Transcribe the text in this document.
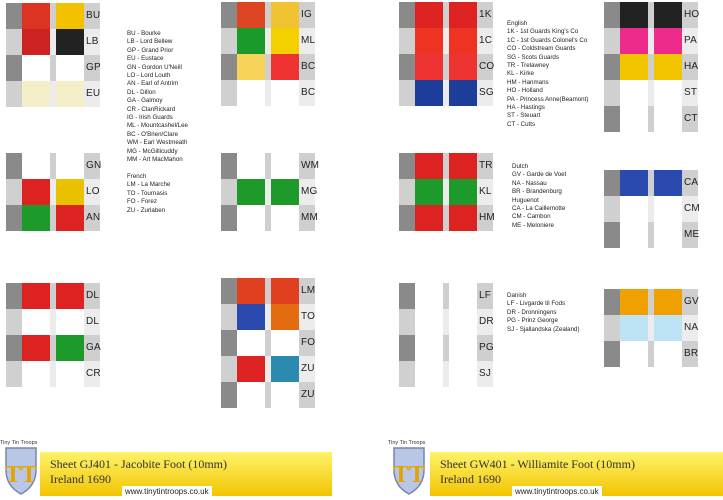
BU
LB
GP
EU
IG
ML
BC
BC
1K
1C
CO
SG
HO
PA
HA
ST
CT
GN
LO
AN
WM
MG
MM
TR
KL
HM
CA
CM
ME
DL
DL
GA
CR
LM
TO
FO
ZU
ZU
LF
DR
PG
SJ
GV
NA
BR
BU - Bourke
LB - Lord Bellew
GP - Grand Prior
EU - Eustace
GN - Gordon U'Neill
LO - Lord Louth
AN - Earl of Antrim
DL - Dillon
GA - Galmoy
CR - ClanRickard
IG - Irish Guards
ML - Mountcashel/Lee
BC - O'Brien/Clare
WM - Earl Westmeath
MG - McGillicuddy
MM - Art MacMahon

French
LM - La Marche
TO - Tournasis
FO - Forez
ZU - Zurlaben
English
1K - 1st Guards King's Co
1C - 1st Guards Colonel's Co
CO - Coldstream Guards
SG - Scots Guards
TR - Trelawney
KL - Kirke
HM - Hanmans
HO - Holland
PA - Princess Anne(Beamont)
HA - Hastings
ST - Steuart
CT - Cutts
Dutch
GV - Garde de Voet
NA - Nassau
BR - Brandenburg
Huguenot
CA - La Caillemotte
CM - Cambon
ME - Meloniere
Danish
LF - Livgarde til Fods
DR - Dronningens
PG - Prinz George
SJ - Sjallandska (Zealand)
Tiny Tin Troops
TT Sheet GJ401 - Jacobite Foot (10mm)
Ireland 1690
www.tinytintroops.co.uk
Tiny Tin Troops
TT Sheet GW401 - Williamite Foot (10mm)
Ireland 1690
www.tinytintroops.co.uk
